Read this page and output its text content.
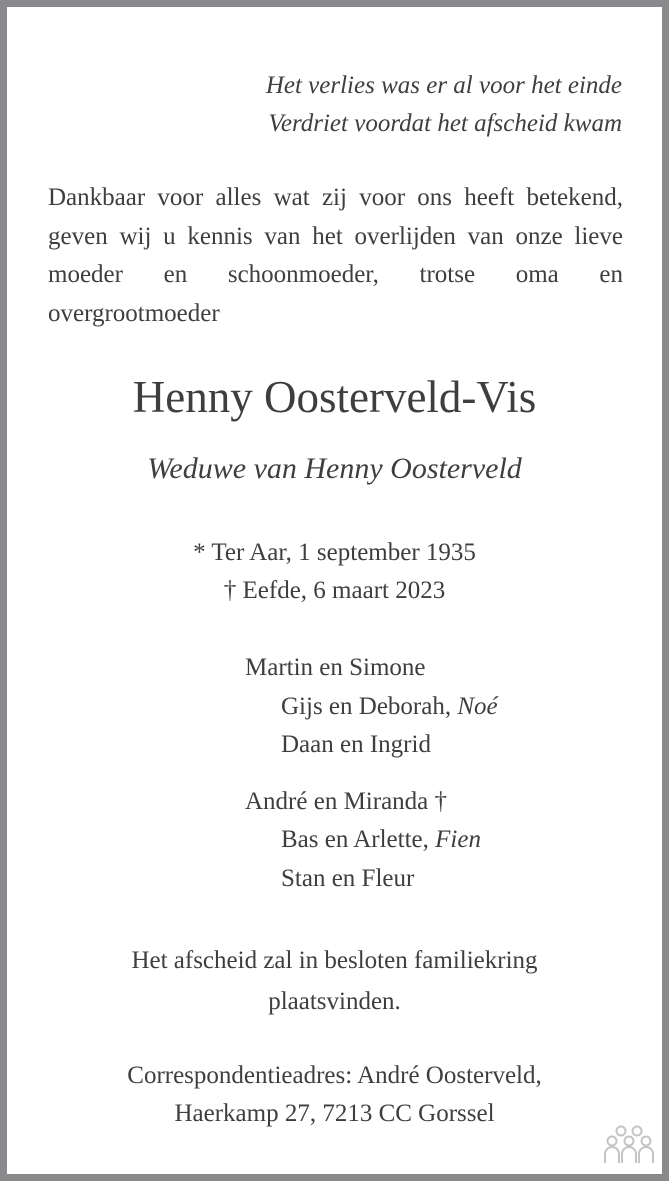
Het verlies was er al voor het einde
Verdriet voordat het afscheid kwam
Dankbaar voor alles wat zij voor ons heeft betekend, geven wij u kennis van het overlijden van onze lieve moeder en schoonmoeder, trotse oma en overgrootmoeder
Henny Oosterveld-Vis
Weduwe van Henny Oosterveld
* Ter Aar, 1 september 1935
† Eefde, 6 maart 2023
Martin en Simone
Gijs en Deborah, Noé
Daan en Ingrid
André en Miranda †
Bas en Arlette, Fien
Stan en Fleur
Het afscheid zal in besloten familiekring
plaatsvinden.
Correspondentieadres: André Oosterveld,
Haerkamp 27, 7213 CC Gorssel
